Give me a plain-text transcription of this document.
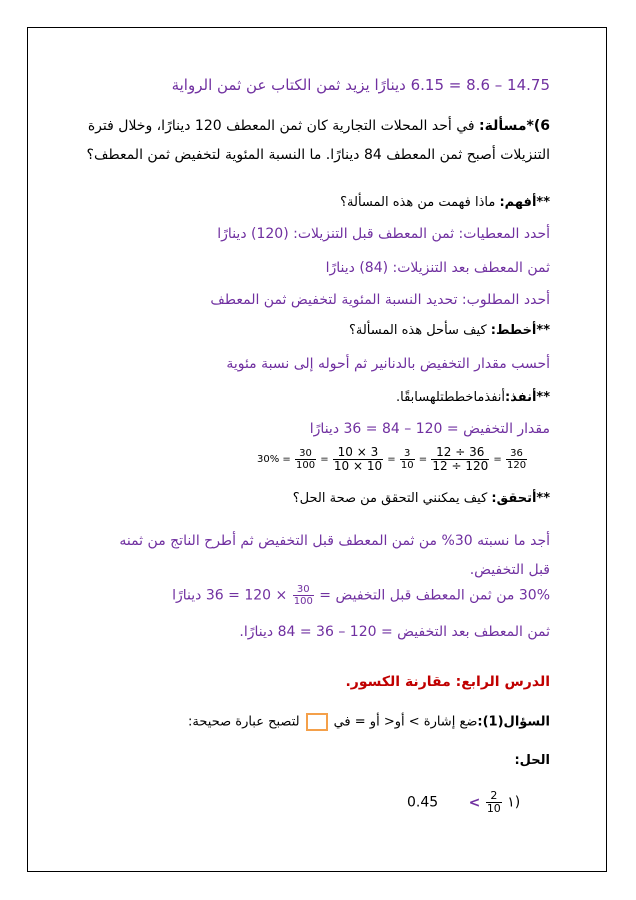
14.75 – 8.6 = 6.15 دينارًا يزيد ثمن الكتاب عن ثمن الرواية
6)*مسألة: في أحد المحلات التجارية كان ثمن المعطف 120 دينارًا، وخلال فترة
التنزيلات أصبح ثمن المعطف 84 دينارًا. ما النسبة المئوية لتخفيض ثمن المعطف؟
**أفهم: ماذا فهمت من هذه المسألة؟
أحدد المعطيات: ثمن المعطف قبل التنزيلات: (120) دينارًا
ثمن المعطف بعد التنزيلات: (84) دينارًا
أحدد المطلوب: تحديد النسبة المئوية لتخفيض ثمن المعطف
**أخطط: كيف سأحل هذه المسألة؟
أحسب مقدار التخفيض بالدنانير ثم أحوله إلى نسبة مئوية
**أنفذ:أنفذماخططتلهسابقًا.
مقدار التخفيض = 120 – 84 = 36 دينارًا
$30\% = \frac{30}{100} = \frac{10 \times 3}{10 \times 10} = \frac{3}{10} = \frac{12 \div 36}{12 \div 120} = \frac{36}{120}$
**أتحقق: كيف يمكنني التحقق من صحة الحل؟
أجد ما نسبته 30% من ثمن المعطف قبل التخفيض ثم أطرح الناتج من ثمنه
قبل التخفيض.
30% من ثمن المعطف قبل التخفيض =
$\frac{30}{100}$
× 120 = 36 دينارًا
ثمن المعطف بعد التخفيض = 120 – 36 = 84 دينارًا.
الدرس الرابع: مقارنة الكسور.
السؤال(1):ضع إشارة > أو< أو = فيلتصبح عبارة صحيحة:
الحل:
$0.45 < \frac{2}{10}$ ١)
